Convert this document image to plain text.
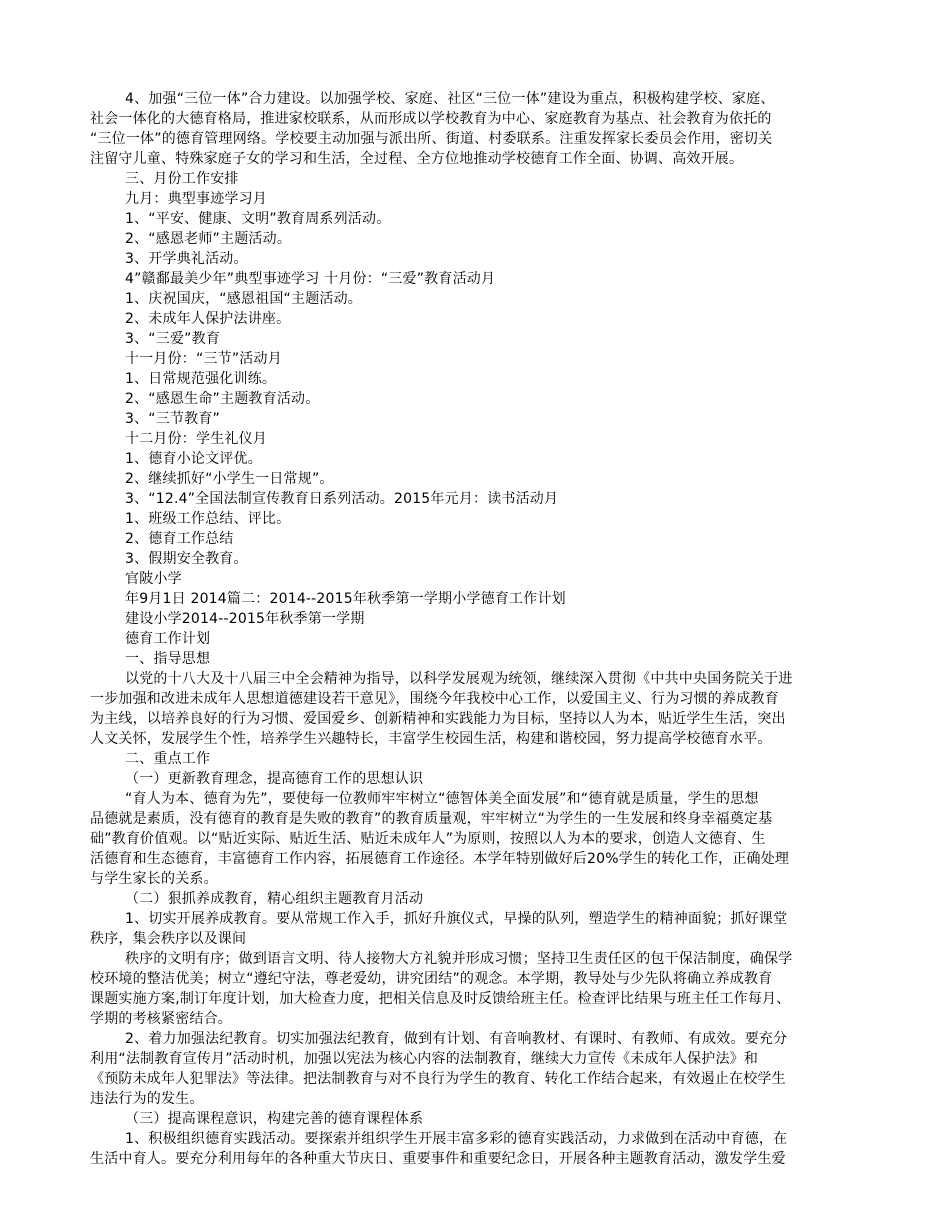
4、加强“三位一体”合力建设。以加强学校、家庭、社区“三位一体”建设为重点，积极构建学校、家庭、
社会一体化的大德育格局，推进家校联系，从而形成以学校教育为中心、家庭教育为基点、社会教育为依托的
“三位一体”的德育管理网络。学校要主动加强与派出所、街道、村委联系。注重发挥家长委员会作用，密切关
注留守儿童、特殊家庭子女的学习和生活，全过程、全方位地推动学校德育工作全面、协调、高效开展。
三、月份工作安排
九月：典型事迹学习月
1、“平安、健康、文明”教育周系列活动。
2、“感恩老师”主题活动。
3、开学典礼活动。
4”赣鄱最美少年”典型事迹学习 十月份：“三爱”教育活动月
1、庆祝国庆，“感恩祖国“主题活动。
2、未成年人保护法讲座。
3、“三爱”教育
十一月份：“三节”活动月
1、日常规范强化训练。
2、“感恩生命”主题教育活动。
3、“三节教育”
十二月份：学生礼仪月
1、德育小论文评优。
2、继续抓好“小学生一日常规”。
3、“12.4”全国法制宣传教育日系列活动。2015年元月：读书活动月
1、班级工作总结、评比。
2、德育工作总结
3、假期安全教育。
官陂小学
年9月1日 2014篇二：2014--2015年秋季第一学期小学德育工作计划
建设小学2014--2015年秋季第一学期
德育工作计划
一、指导思想
以党的十八大及十八届三中全会精神为指导，以科学发展观为统领，继续深入贯彻《中共中央国务院关于进
一步加强和改进未成年人思想道德建设若干意见》，围绕今年我校中心工作，以爱国主义、行为习惯的养成教育
为主线，以培养良好的行为习惯、爱国爱乡、创新精神和实践能力为目标，坚持以人为本，贴近学生生活，突出
人文关怀，发展学生个性，培养学生兴趣特长，丰富学生校园生活，构建和谐校园，努力提高学校德育水平。
二、重点工作
（一）更新教育理念，提高德育工作的思想认识
“育人为本、德育为先”，要使每一位教师牢牢树立“德智体美全面发展”和“德育就是质量，学生的思想
品德就是素质，没有德育的教育是失败的教育”的教育质量观，牢牢树立“为学生的一生发展和终身幸福奠定基
础”教育价值观。以“贴近实际、贴近生活、贴近未成年人”为原则，按照以人为本的要求，创造人文德育、生
活德育和生态德育，丰富德育工作内容，拓展德育工作途径。本学年特别做好后20%学生的转化工作，正确处理
与学生家长的关系。
（二）狠抓养成教育，精心组织主题教育月活动
1、切实开展养成教育。要从常规工作入手，抓好升旗仪式，早操的队列，塑造学生的精神面貌；抓好课堂
秩序，集会秩序以及课间
秩序的文明有序；做到语言文明、待人接物大方礼貌并形成习惯；坚持卫生责任区的包干保洁制度，确保学
校环境的整洁优美；树立“遵纪守法，尊老爱幼，讲究团结”的观念。本学期，教导处与少先队将确立养成教育
课题实施方案,制订年度计划，加大检查力度，把相关信息及时反馈给班主任。检查评比结果与班主任工作每月、
学期的考核紧密结合。
2、着力加强法纪教育。切实加强法纪教育，做到有计划、有音响教材、有课时、有教师、有成效。要充分
利用“法制教育宣传月”活动时机，加强以宪法为核心内容的法制教育，继续大力宣传《未成年人保护法》和
《预防未成年人犯罪法》等法律。把法制教育与对不良行为学生的教育、转化工作结合起来，有效遏止在校学生
违法行为的发生。
（三）提高课程意识，构建完善的德育课程体系
1、积极组织德育实践活动。要探索并组织学生开展丰富多彩的德育实践活动，力求做到在活动中育德，在
生活中育人。要充分利用每年的各种重大节庆日、重要事件和重要纪念日，开展各种主题教育活动，激发学生爱
